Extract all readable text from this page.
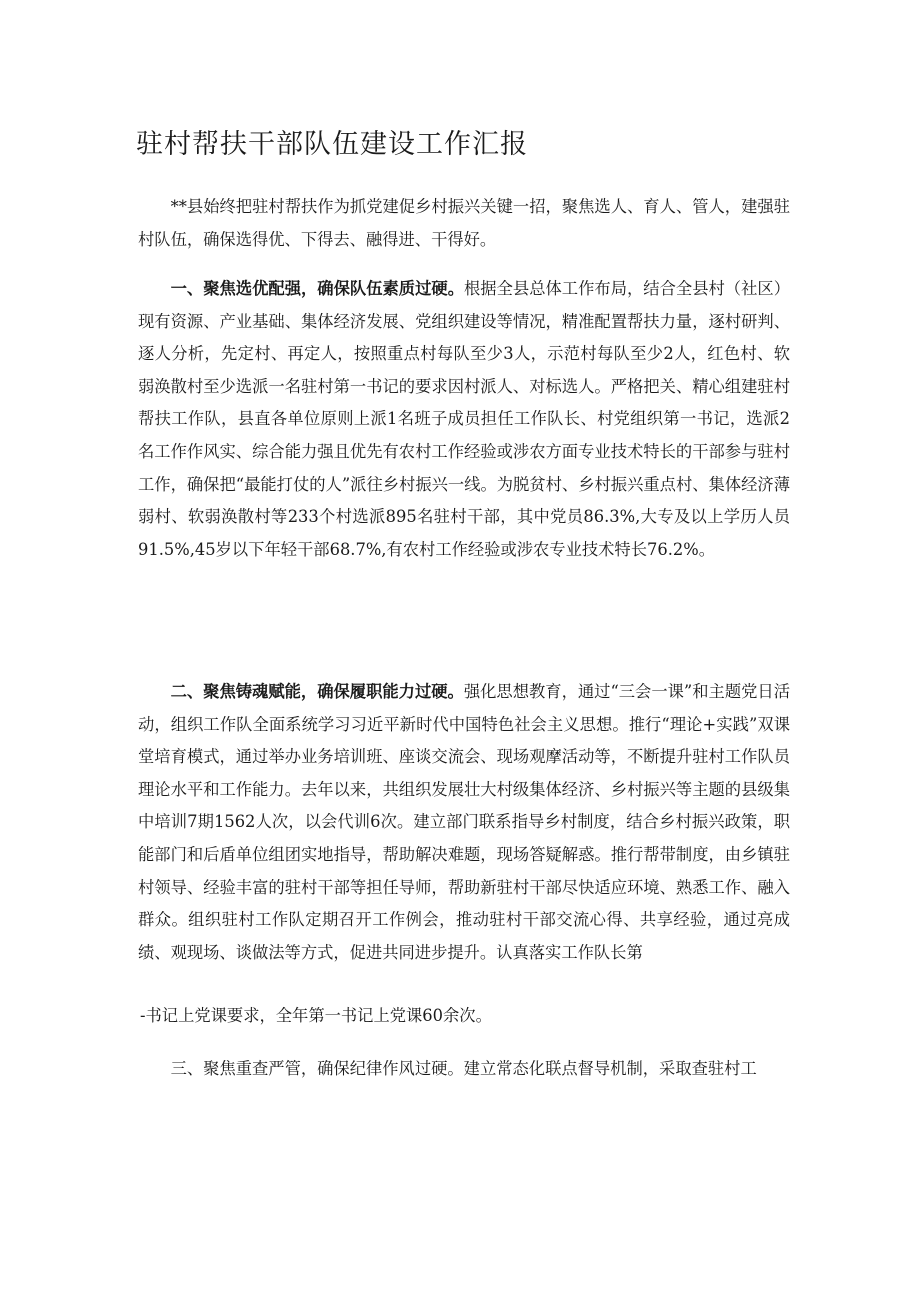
驻村帮扶干部队伍建设工作汇报

**县始终把驻村帮扶作为抓党建促乡村振兴关键一招，聚焦选人、育人、管人，建强驻村队伍，确保选得优、下得去、融得进、干得好。

一、聚焦选优配强，确保队伍素质过硬。根据全县总体工作布局，结合全县村（社区）现有资源、产业基础、集体经济发展、党组织建设等情况，精准配置帮扶力量，逐村研判、逐人分析，先定村、再定人，按照重点村每队至少3人，示范村每队至少2人，红色村、软弱涣散村至少选派一名驻村第一书记的要求因村派人、对标选人。严格把关、精心组建驻村帮扶工作队，县直各单位原则上派1名班子成员担任工作队长、村党组织第一书记，选派2名工作作风实、综合能力强且优先有农村工作经验或涉农方面专业技术特长的干部参与驻村工作，确保把“最能打仗的人”派往乡村振兴一线。为脱贫村、乡村振兴重点村、集体经济薄弱村、软弱涣散村等233个村选派895名驻村干部，其中党员86.3%,大专及以上学历人员91.5%,45岁以下年轻干部68.7%,有农村工作经验或涉农专业技术特长76.2%。

二、聚焦铸魂赋能，确保履职能力过硬。强化思想教育，通过“三会一课”和主题党日活动，组织工作队全面系统学习习近平新时代中国特色社会主义思想。推行“理论+实践”双课堂培育模式，通过举办业务培训班、座谈交流会、现场观摩活动等，不断提升驻村工作队员理论水平和工作能力。去年以来，共组织发展壮大村级集体经济、乡村振兴等主题的县级集中培训7期1562人次，以会代训6次。建立部门联系指导乡村制度，结合乡村振兴政策，职能部门和后盾单位组团实地指导，帮助解决难题，现场答疑解惑。推行帮带制度，由乡镇驻村领导、经验丰富的驻村干部等担任导师，帮助新驻村干部尽快适应环境、熟悉工作、融入群众。组织驻村工作队定期召开工作例会，推动驻村干部交流心得、共享经验，通过亮成绩、观现场、谈做法等方式，促进共同进步提升。认真落实工作队长第

-书记上党课要求，全年第一书记上党课60余次。

三、聚焦重查严管，确保纪律作风过硬。建立常态化联点督导机制，采取查驻村工
